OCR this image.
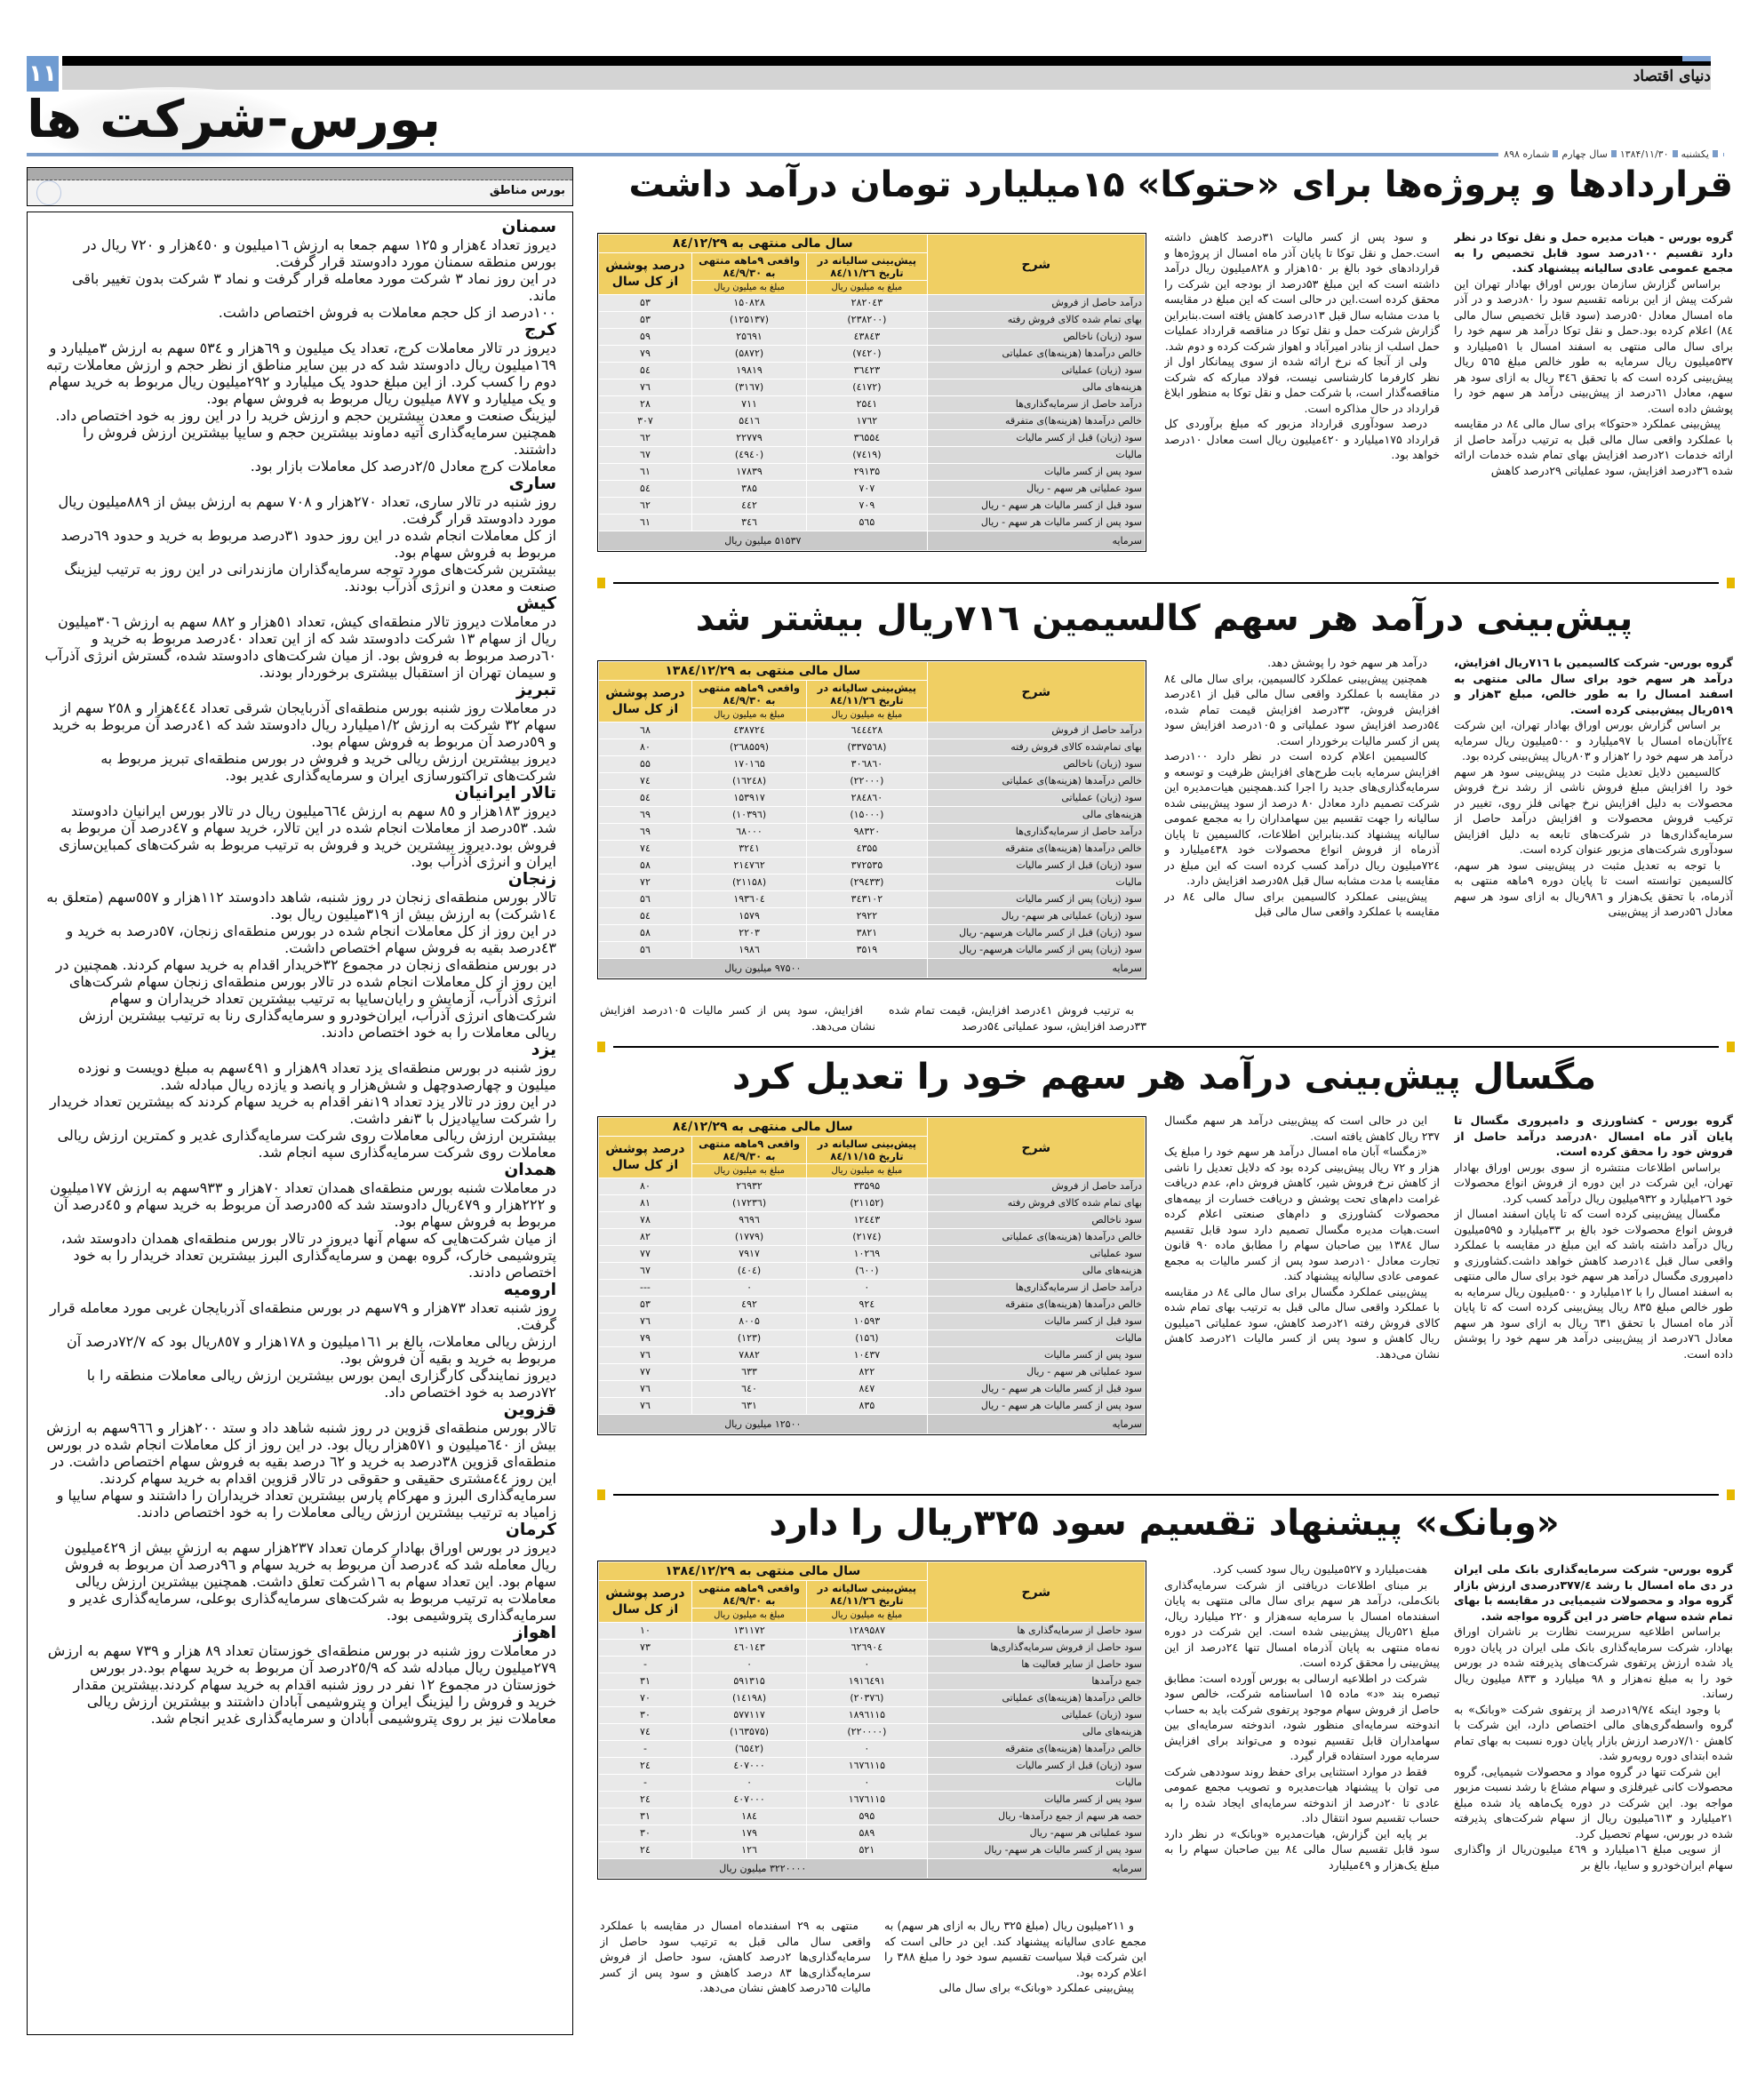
۱۱	دنیای اقتصاد
بورس-شرکت ها
یکشنبه
۱۳۸۴/۱۱/۳۰
سال چهارم
شماره ۸۹۸
بورس مناطق
سمنان

دیروز تعداد ٤هزار و ۱۲۵ سهم جمعا به ارزش ۱٦میلیون و ٤٥۰هزار و ۷۲۰ ریال در بورس منطقه سمنان مورد دادوستد قرار گرفت.

در این روز نماد ۳ شرکت مورد معامله قرار گرفت و نماد ۳ شرکت بدون تغییر باقی ماند.

۱۰۰درصد از کل حجم معاملات به فروش اختصاص داشت.

کرج

دیروز در تالار معاملات کرج، تعداد یک میلیون و ٦۹هزار و ٥۳٤ سهم به ارزش ۳میلیارد و ۱٦۹میلیون ریال دادوستد شد که در بین سایر مناطق از نظر حجم و ارزش معاملات رتبه دوم را کسب کرد. از این مبلغ حدود یک میلیارد و ۲۹۲میلیون ریال مربوط به خرید سهام و یک میلیارد و ۸۷۷ میلیون ریال مربوط به فروش سهام بود.

لیزینگ صنعت و معدن بیشترین حجم و ارزش خرید را در این روز به خود اختصاص داد. همچنین سرمایه‌گذاری آتیه دماوند بیشترین حجم و سایپا بیشترین ارزش فروش را داشتند.

معاملات کرج معادل ۲/٥درصد کل معاملات بازار بود.

ساری

روز شنبه در تالار ساری، تعداد ۲۷۰هزار و ۷۰۸ سهم به ارزش بیش از ۸۸۹میلیون ریال مورد دادوستد قرار گرفت.

از کل معاملات انجام شده در این روز حدود ۳۱درصد مربوط به خرید و حدود ٦۹درصد مربوط به فروش سهام بود.

بیشترین شرکت‌های مورد توجه سرمایه‌گذاران مازندرانی در این روز به ترتیب لیزینگ صنعت و معدن و انرژی آذرآب بودند.

کیش

در معاملات دیروز تالار منطقه‌ای کیش، تعداد ٥۱هزار و ۸۸۲ سهم به ارزش ۳۰٦میلیون ریال از سهام ۱۳ شرکت دادوستد شد که از این تعداد ٤۰درصد مربوط به خرید و ٦۰درصد مربوط به فروش بود. از میان شرکت‌های دادوستد شده، گسترش انرژی آذرآب و سیمان تهران از استقبال بیشتری برخوردار بودند.

تبریز

در معاملات روز شنبه بورس منطقه‌ای آذربایجان شرقی تعداد ٤٤٤هزار و ۲٥۸ سهم از سهام ۳۲ شرکت به ارزش ۱/۲میلیارد ریال دادوستد شد که ٤۱درصد آن مربوط به خرید و ٥۹درصد آن مربوط به فروش سهام بود.

دیروز بیشترین ارزش ریالی خرید و فروش در بورس منطقه‌ای تبریز مربوط به شرکت‌های تراکتورسازی ایران و سرمایه‌گذاری غدیر بود.

تالار ایرانیان

دیروز ۱۸۳هزار و ۸٥ سهم به ارزش ٦٦٤میلیون ریال در تالار بورس ایرانیان دادوستد شد. ٥۳درصد از معاملات انجام شده در این تالار، خرید سهام و ٤۷درصد آن مربوط به فروش بود.دیروز بیشترین خرید و فروش به ترتیب مربوط به شرکت‌های کمباین‌سازی ایران و انرژی آذرآب بود.

زنجان

تالار بورس منطقه‌ای زنجان در روز شنبه، شاهد دادوستد ۱۱۲هزار و ٥٥۷سهم (متعلق به ۱٤شرکت) به ارزش بیش از ۳۱۹میلیون ریال بود.

در این روز از کل معاملات انجام شده در بورس منطقه‌ای زنجان، ٥۷درصد به خرید و ٤۳درصد بقیه به فروش سهام اختصاص داشت.

در بورس منطقه‌ای زنجان در مجموع ۳۲خریدار اقدام به خرید سهام کردند. همچنین در این روز از کل معاملات انجام شده در تالار بورس منطقه‌ای زنجان سهام شرکت‌های انرژی آذرآب، آزمایش و رایان‌سایپا به ترتیب بیشترین تعداد خریداران و سهام شرکت‌های انرژی آذرآب، ایران‌خودرو و سرمایه‌گذاری رنا به ترتیب بیشترین ارزش ریالی معاملات را به خود اختصاص دادند.

یزد

روز شنبه در بورس منطقه‌ای یزد تعداد ۸۹هزار و ٤۹۱سهم به مبلغ دویست و نوزده میلیون و چهارصدوچهل و شش‌هزار و پانصد و یازده ریال مبادله شد.

در این روز در تالار یزد تعداد ۱۹نفر اقدام به خرید سهام کردند که بیشترین تعداد خریدار را شرکت سایپادیزل با ۳نفر داشت.

بیشترین ارزش ریالی معاملات روی شرکت سرمایه‌گذاری غدیر و کمترین ارزش ریالی معاملات روی شرکت سرمایه‌گذاری سپه انجام شد.

همدان

در معاملات شنبه بورس منطقه‌ای همدان تعداد ۷۰هزار و ۹۳۳سهم به ارزش ۱۷۷میلیون و ۲۲۲هزار و ٤۷۹ریال دادوستد شد که ٥٥درصد آن مربوط به خرید سهام و ٤٥درصد آن مربوط به فروش سهام بود.

از میان شرکت‌هایی که سهام آنها دیروز در تالار بورس منطقه‌ای همدان دادوستد شد، پتروشیمی خارک، گروه بهمن و سرمایه‌گذاری البرز بیشترین تعداد خریدار را به خود اختصاص دادند.

ارومیه

روز شنبه تعداد ۷۳هزار و ۷۹سهم در بورس منطقه‌ای آذربایجان غربی مورد معامله قرار گرفت.

ارزش ریالی معاملات، بالغ بر ۱٦۱میلیون و ۱۷۸هزار و ۸٥۷ریال بود که ۷۲/۷درصد آن مربوط به خرید و بقیه آن فروش بود.

دیروز نمایندگی کارگزاری ایمن بورس بیشترین ارزش ریالی معاملات منطقه را با ۷۲درصد به خود اختصاص داد.

قزوین

تالار بورس منطقه‌ای قزوین در روز شنبه شاهد داد و ستد ۲۰۰هزار و ۹٦٦سهم به ارزش بیش از ٦٤۰میلیون و ٥۷۱هزار ریال بود. در این روز از کل معاملات انجام شده در بورس منطقه‌ای قزوین ۳۸درصد به خرید و ٦۲ درصد بقیه به فروش سهام اختصاص داشت. در این روز ٤٤مشتری حقیقی و حقوقی در تالار قزوین اقدام به خرید سهام کردند. سرمایه‌گذاری البرز و مهرکام پارس بیشترین تعداد خریداران را داشتند و سهام سایپا و زامیاد به ترتیب بیشترین ارزش ریالی معاملات را به خود اختصاص دادند.

کرمان

دیروز در بورس اوراق بهادار کرمان تعداد ۲۳۷هزار سهم به ارزش بیش از ٤۲۹میلیون ریال معامله شد که ٤درصد آن مربوط به خرید سهام و ۹٦درصد آن مربوط به فروش سهام بود. این تعداد سهام به ۱٦شرکت تعلق داشت. همچنین بیشترین ارزش ریالی معاملات به ترتیب مربوط به شرکت‌های سرمایه‌گذاری بوعلی، سرمایه‌گذاری غدیر و سرمایه‌گذاری پتروشیمی بود.

اهواز

در معاملات روز شنبه در بورس منطقه‌ای خوزستان تعداد ۸۹ هزار و ۷۳۹ سهم به ارزش ۲۷۹میلیون ریال مبادله شد که ۲٥/۹درصد آن مربوط به خرید سهام بود.در بورس خوزستان در مجموع ۱۲ نفر در روز شنبه اقدام به خرید سهام کردند.بیشترین مقدار خرید و فروش را لیزینگ ایران و پتروشیمی آبادان داشتند و بیشترین ارزش ریالی معاملات نیز بر روی پتروشیمی آبادان و سرمایه‌گذاری غدیر انجام شد.

قراردادها و پروژه‌ها برای «حتوکا» ۱۵میلیارد تومان درآمد داشت
شرح	سال مالی منتهی به ۸٤/۱۲/۲۹		
	پیش‌بینی سالیانه در تاریخ ۸٤/۱۱/۲٦	واقعی ۹ماهه منتهی به ۸٤/۹/۳۰	درصد پوشش از کل سال
	مبلغ به میلیون ریال	مبلغ به میلیون ریال	
درآمد حاصل از فروش	۲۸۲۰٤۳	۱۵۰۸۲۸	۵۳
بهای تمام شده کالای فروش رفته	(۲۳۸۲۰۰)	(۱۲۵۱۳۷)	۵۳
سود (زیان) ناخالص	٤۳۸٤۳	۲۵٦۹۱	۵۹
خالص درآمدها (هزینه‌ها)ی عملیاتی	(۷٤۲۰)	(۵۸۷۲)	۷۹
سود (زیان) عملیاتی	۳٦٤۲۳	۱۹۸۱۹	۵٤
هزینه‌های مالی	(٤۱۷۲)	(۳۱٦۷)	۷٦
درآمد حاصل از سرمایه‌گذاری‌ها	۲۵٤۱	۷۱۱	۲۸
خالص درآمدها (هزینه‌ها)ی متفرقه	۱۷٦۲	۵٤۱٦	۳۰۷
سود (زیان) قبل از کسر مالیات	۳٦۵۵٤	۲۲۷۷۹	٦۲
مالیات	(۷٤۱۹)	(٤۹٤۰)	٦۷
سود پس از کسر مالیات	۲۹۱۳۵	۱۷۸۳۹	٦۱
سود عملیاتی هر سهم - ریال	۷۰۷	۳۸۵	۵٤
سود قبل از کسر مالیات هر سهم - ریال	۷۰۹	٤٤۲	٦۲
سود پس از کسر مالیات هر سهم - ریال	۵٦۵	۳٤٦	٦۱
سرمایه	۵۱۵۳۷ میلیون ریال		

گروه بورس - هیات مدیره حمل و نقل توکا در نظر دارد تقسیم ۱۰۰درصد سود قابل تخصیص را به مجمع عمومی عادی سالیانه پیشنهاد کند.

براساس گزارش سازمان بورس اوراق بهادار تهران این شرکت پیش از این برنامه تقسیم سود را ۸۰درصد و در آذر ماه امسال معادل ۵۰درصد (سود قابل تخصیص سال مالی ۸٤) اعلام کرده بود.حمل و نقل توکا درآمد هر سهم خود را برای سال مالی منتهی به اسفند امسال با ۵۱میلیارد و ۵۳۷میلیون ریال سرمایه به طور خالص مبلغ ۵٦۵ ریال پیش‌بینی کرده است که با تحقق ۳٤٦ ریال به ازای سود هر سهم، معادل ٦۱درصد از پیش‌بینی درآمد هر سهم خود را پوشش داده است.

پیش‌بینی عملکرد «حتوکا» برای سال مالی ۸٤ در مقایسه با عملکرد واقعی سال مالی قبل به ترتیب درآمد حاصل از ارائه خدمات ۲۱درصد افزایش بهای تمام شده خدمات ارائه شده ۳٦درصد افزایش، سود عملیاتی ۲۹درصد کاهش

و سود پس از کسر مالیات ۳۱درصد کاهش داشته است.حمل و نقل توکا تا پایان آذر ماه امسال از پروژه‌ها و قراردادهای خود بالغ بر ۱۵۰هزار و ۸۲۸میلیون ریال درآمد داشته است که این مبلغ ۵۳درصد از بودجه این شرکت را محقق کرده است.این در حالی است که این مبلغ در مقایسه با مدت مشابه سال قبل ۱۳درصد کاهش یافته است.بنابراین گزارش شرکت حمل و نقل توکا در مناقصه قرارداد عملیات حمل اسلب از بنادر امیرآباد و اهواز شرکت کرده و دوم شد.

ولی از آنجا که نرخ ارائه شده از سوی پیمانکار اول از نظر کارفرما کارشناسی نیست، فولاد مبارکه که شرکت مناقصه‌گذار است، با شرکت حمل و نقل توکا به منظور ابلاغ قرارداد در حال مذاکره است.

درصد سودآوری قرارداد مزبور که مبلغ برآوردی کل قرارداد ۱۷۵میلیارد و ٤۲۰میلیون ریال است معادل ۱۰درصد خواهد بود.

پیش‌بینی درآمد هر سهم کالسیمین ۷۱٦ریال بیشتر شد
شرح	سال مالی منتهی به ۱۳۸٤/۱۲/۲۹		
	پیش‌بینی سالیانه در تاریخ ۸٤/۱۱/۲٦	واقعی ۹ماهه منتهی به ۸٤/۹/۳۰	درصد پوشش از کل سال
	مبلغ به میلیون ریال	مبلغ به میلیون ریال	
درآمد حاصل از فروش	٦٤٤٤۲۸	٤۳۸۷۲٤	٦۸
بهای تمام‌شده کالای فروش رفته	(۳۳۷۵٦۸)	(۲٦۸۵۵۹)	۸۰
سود (زیان) ناخالص	۳۰٦۸٦۰	۱۷۰۱٦۵	۵۵
خالص درآمدها (هزینه‌ها)ی عملیاتی	(۲۲۰۰۰)	(۱٦۲٤۸)	۷٤
سود (زیان) عملیاتی	۲۸٤۸٦۰	۱۵۳۹۱۷	۵٤
هزینه‌های مالی	(۱۵۰۰۰)	(۱۰۳۹٦)	٦۹
درآمد حاصل از سرمایه‌گذاری‌ها	۹۸۳۲۰	٦۸۰۰۰	٦۹
خالص درآمدها (هزینه‌ها)ی متفرقه	٤۳۵۵	۳۲٤۱	۷٤
سود (زیان) قبل از کسر مالیات	۳۷۲۵۳۵	۲۱٤۷٦۲	۵۸
مالیات	(۲۹٤۳۳)	(۲۱۱۵۸)	۷۲
سود (زیان) پس از کسر مالیات	۳٤۳۱۰۲	۱۹۳٦۰٤	۵٦
سود (زیان) عملیاتی هر سهم- ریال	۲۹۲۲	۱۵۷۹	۵٤
سود (زیان) قبل از کسر مالیات هرسهم- ریال	۳۸۲۱	۲۲۰۳	۵۸
سود (زیان) پس از کسر مالیات هرسهم- ریال	۳۵۱۹	۱۹۸٦	۵٦
سرمایه	۹۷۵۰۰ میلیون ریال		

گروه بورس- شرکت کالسیمین با ۷۱٦ریال افزایش، درآمد هر سهم خود برای سال مالی منتهی به اسفند امسال را به طور خالص، مبلغ ۳هزار و ۵۱۹ریال پیش‌بینی کرده است.

بر اساس گزارش بورس اوراق بهادار تهران، این شرکت ۲٤آبان‌ماه امسال با ۹۷میلیارد و ۵۰۰میلیون ریال سرمایه درآمد هر سهم خود را ۲هزار و ۸۰۳ریال پیش‌بینی کرده بود.

کالسیمین دلایل تعدیل مثبت در پیش‌بینی سود هر سهم خود را افزایش مبلغ فروش ناشی از رشد نرخ فروش محصولات به دلیل افزایش نرخ جهانی فلز روی، تغییر در ترکیب فروش محصولات و افزایش درآمد حاصل از سرمایه‌گذاری‌ها در شرکت‌های تابعه به دلیل افزایش سودآوری شرکت‌های مزبور عنوان کرده است.

با توجه به تعدیل مثبت در پیش‌بینی سود هر سهم، کالسیمین توانسته است تا پایان دوره ۹ماهه منتهی به آذرماه، با تحقق یک‌هزار و ۹۸٦ریال به ازای سود هر سهم معادل ۵٦درصد از پیش‌بینی

درآمد هر سهم خود را پوشش دهد.

همچنین پیش‌بینی عملکرد کالسیمین، برای سال مالی ۸٤ در مقایسه با عملکرد واقعی سال مالی قبل از ٤۱درصد افزایش فروش، ۳۳درصد افزایش قیمت تمام شده، ۵٤درصد افزایش سود عملیاتی و ۱۰۵درصد افزایش سود پس از کسر مالیات برخوردار است.

کالسیمین اعلام کرده است در نظر دارد ۱۰۰درصد افزایش سرمایه بابت طرح‌های افزایش ظرفیت و توسعه و سرمایه‌گذاری‌های جدید را اجرا کند.همچنین هیات‌مدیره این شرکت تصمیم دارد معادل ۸۰ درصد از سود پیش‌بینی شده سالیانه را جهت تقسیم بین سهامداران را به مجمع عمومی سالیانه پیشنهاد کند.بنابراین اطلاعات، کالسیمین تا پایان آذرماه از فروش انواع محصولات خود ٤۳۸میلیارد و ۷۲٤میلیون ریال درآمد کسب کرده است که این مبلغ در مقایسه با مدت مشابه سال قبل ۵۸درصد افزایش دارد.

پیش‌بینی عملکرد کالسیمین برای سال مالی ۸٤ در مقایسه با عملکرد واقعی سال مالی قبل

به ترتیب فروش ٤۱درصد افزایش، قیمت تمام شده ۳۳درصد افزایش، سود عملیاتی ۵٤درصد

افزایش، سود پس از کسر مالیات ۱۰۵درصد افزایش نشان می‌دهد.

مگسال پیش‌بینی درآمد هر سهم خود را تعدیل کرد
شرح	سال مالی منتهی به ۸٤/۱۲/۲۹		
	پیش‌بینی سالیانه در تاریخ ۸٤/۱۱/۱۵	واقعی ۹ماهه منتهی به ۸٤/۹/۳۰	درصد پوشش از کل سال
	مبلغ به میلیون ریال	مبلغ به میلیون ریال	
درآمد حاصل از فروش	۳۳۵۹۵	۲٦۹۳۲	۸۰
بهای تمام شده کالای فروش رفته	(۲۱۱۵۲)	(۱۷۲۳٦)	۸۱
سود ناخالص	۱۲٤٤۳	۹٦۹٦	۷۸
خالص درآمدها (هزینه‌ها)ی عملیاتی	(۲۱۷٤)	(۱۷۷۹)	۸۲
سود عملیاتی	۱۰۲٦۹	۷۹۱۷	۷۷
هزینه‌های مالی	(٦۰۰)	(٤۰٤)	٦۷
درآمد حاصل از سرمایه‌گذاری‌ها	۰	۰	---
خالص درآمدها (هزینه‌ها)ی متفرقه	۹۲٤	٤۹۲	۵۳
سود قبل از کسر مالیات	۱۰۵۹۳	۸۰۰۵	۷٦
مالیات	(۱۵٦)	(۱۲۳)	۷۹
سود پس از کسر مالیات	۱۰٤۳۷	۷۸۸۲	۷٦
سود عملیاتی هر سهم - ریال	۸۲۲	٦۳۳	۷۷
سود قبل از کسر مالیات هر سهم - ریال	۸٤۷	٦٤۰	۷٦
سود پس از کسر مالیات هر سهم - ریال	۸۳۵	٦۳۱	۷٦
سرمایه	۱۲۵۰۰ میلیون ریال		

گروه بورس - کشاورزی و دامپروری مگسال تا پایان آذر ماه امسال ۸۰درصد درآمد حاصل از فروش خود را محقق کرده است.

براساس اطلاعات منتشره از سوی بورس اوراق بهادار تهران، این شرکت در این دوره از فروش انواع محصولات خود ۲٦میلیارد و ۹۳۲میلیون ریال درآمد کسب کرد.

مگسال پیش‌بینی کرده است که تا پایان اسفند امسال از فروش انواع محصولات خود بالغ بر ۳۳میلیارد و ۵۹۵میلیون ریال درآمد داشته باشد که این مبلغ در مقایسه با عملکرد واقعی سال قبل ۱٤درصد کاهش خواهد داشت.کشاورزی و دامپروری مگسال درآمد هر سهم خود برای سال مالی منتهی به اسفند امسال را با ۱۲میلیارد و ۵۰۰میلیون ریال سرمایه به طور خالص مبلغ ۸۳۵ ریال پیش‌بینی کرده است که تا پایان آذر ماه امسال با تحقق ٦۳۱ ریال به ازای سود هر سهم معادل ۷٦درصد از پیش‌بینی درآمد هر سهم خود را پوشش داده است.

این در حالی است که پیش‌بینی درآمد هر سهم مگسال ۲۳۷ ریال کاهش یافته است.

«زمگسا» آبان ماه امسال درآمد هر سهم خود را مبلغ یک هزار و ۷۲ ریال پیش‌بینی کرده بود که دلایل تعدیل را ناشی از کاهش نرخ فروش شیر، کاهش فروش دام، عدم دریافت غرامت دام‌های تحت پوشش و دریافت خسارت از بیمه‌های محصولات کشاورزی و دام‌های صنعتی اعلام کرده است.هیات مدیره مگسال تصمیم دارد سود قابل تقسیم سال ۱۳۸٤ بین صاحبان سهام را مطابق ماده ۹۰ قانون تجارت معادل ۱۰درصد سود پس از کسر مالیات به مجمع عمومی عادی سالیانه پیشنهاد کند.

پیش‌بینی عملکرد مگسال برای سال مالی ۸٤ در مقایسه با عملکرد واقعی سال مالی قبل به ترتیب بهای تمام شده کالای فروش رفته ۲۱درصد کاهش، سود عملیاتی ٦میلیون ریال کاهش و سود پس از کسر مالیات ۲۱درصد کاهش نشان می‌دهد.

«وبانک» پیشنهاد تقسیم سود ۳۲۵ریال را دارد
شرح	سال مالی منتهی به ۱۳۸٤/۱۲/۲۹		
	پیش‌بینی سالیانه در تاریخ ۸٤/۱۱/۲٦	واقعی ۹ماهه منتهی به ۸٤/۹/۳۰	درصد پوشش از کل سال
	مبلغ به میلیون ریال	مبلغ به میلیون ریال	
سود حاصل از سرمایه‌گذاری ها	۱۲۸۹۵۸۷	۱۳۱۱۷۲	۱۰
سود حاصل از فروش سرمایه‌گذاری‌ها	٦۲٦۹۰٤	٤٦۰۱٤۳	۷۳
سود حاصل از سایر فعالیت ها	۰	۰	-
جمع درآمدها	۱۹۱٦٤۹۱	۵۹۱۳۱۵	۳۱
خالص درآمدها (هزینه‌ها)ی عملیاتی	(۲۰۳۷٦)	(۱٤۱۹۸)	۷۰
سود (زیان) عملیاتی	۱۸۹٦۱۱۵	۵۷۷۱۱۷	۳۰
هزینه‌های مالی	(۲۲۰۰۰۰)	(۱٦۳۵۷۵)	۷٤
خالص درآمدها (هزینه‌ها)ی متفرقه	۰	(٦۵٤۲)	-
سود (زیان) قبل از کسر مالیات	۱٦۷٦۱۱۵	٤۰۷۰۰۰	۲٤
مالیات	۰	۰	-
سود پس از کسر مالیات	۱٦۷٦۱۱۵	٤۰۷۰۰۰	۲٤
حصه هر سهم از جمع درآمدها- ریال	۵۹۵	۱۸٤	۳۱
سود عملیاتی هر سهم- ریال	۵۸۹	۱۷۹	۳۰
سود پس از کسر مالیات هر سهم- ریال	۵۲۱	۱۲٦	۲٤
سرمایه	۳۲۲۰۰۰۰ میلیون ریال		

گروه بورس- شرکت سرمایه‌گذاری بانک ملی ایران در دی ماه امسال با رشد ۳۷۷/٤درصدی ارزش بازار گروه مواد و محصولات شیمیایی در مقایسه با بهای تمام شده سهام حاضر در این گروه مواجه شد.

براساس اطلاعیه سرپرست نظارت بر ناشران اوراق بهادار، شرکت سرمایه‌گذاری بانک ملی ایران در پایان دوره یاد شده ارزش پرتفوی شرکت‌های پذیرفته شده در بورس خود را به مبلغ نه‌هزار و ۹۸ میلیارد و ۸۳۳ میلیون ریال رساند.

با وجود اینکه ۱۹/۷٤درصد از پرتفوی شرکت «وبانک» به گروه واسطه‌گری‌های مالی اختصاص دارد، این شرکت با کاهش ۷/۱۰درصد ارزش بازار پایان دوره نسبت به بهای تمام شده ابتدای دوره روبه‌رو شد.

این شرکت تنها در گروه مواد و محصولات شیمیایی، گروه محصولات کانی غیرفلزی و سهام مشاع با رشد نسبت مزبور مواجه بود. این شرکت در دوره یک‌ماهه یاد شده مبلغ ۲۱میلیارد و ٦۱۳میلیون ریال از سهام شرکت‌های پذیرفته شده در بورس، سهام تحصیل کرد.

از سویی مبلغ ۱٦میلیارد و ٤٦۹ میلیون‌ریال از واگذاری سهام ایران‌خودرو و سایپا، بالغ بر

هفت‌میلیارد و ۵۲۷میلیون ریال سود کسب کرد.

بر مبنای اطلاعات دریافتی از شرکت سرمایه‌گذاری بانک‌ملی، درآمد هر سهم برای سال مالی منتهی به پایان اسفندماه امسال با سرمایه سه‌هزار و ۲۲۰ میلیارد ریال، مبلغ ۵۲۱ریال پیش‌بینی شده است. این شرکت در دوره نه‌ماه منتهی به پایان آذرماه امسال تنها ۲٤درصد از این پیش‌بینی را محقق کرده است.

شرکت در اطلاعیه ارسالی به بورس آورده است: مطابق تبصره بند «د» ماده ۱۵ اساسنامه شرکت، خالص سود حاصل از فروش سهام موجود پرتفوی شرکت باید به حساب اندوخته سرمایه‌ای منظور شود، اندوخته سرمایه‌ای بین سهامداران قابل تقسیم نبوده و می‌تواند برای افزایش سرمایه مورد استفاده قرار گیرد.

فقط در موارد استثنایی برای حفظ روند سوددهی شرکت می توان با پیشنهاد هیات‌مدیره و تصویب مجمع عمومی عادی تا ۲۰درصد از اندوخته سرمایه‌ای ایجاد شده را به حساب تقسیم سود انتقال داد.

بر پایه این گزارش، هیات‌مدیره «وبانک» در نظر دارد سود قابل تقسیم سال مالی ۸٤ بین صاحبان سهام را به مبلغ یک‌هزار و ٤۹میلیارد

و ۲۱۱میلیون ریال (مبلغ ۳۲۵ ریال به ازای هر سهم) به مجمع عادی سالیانه پیشنهاد کند. این در حالی است که این شرکت قبلا سیاست تقسیم سود خود را مبلغ ۳۸۸ را اعلام کرده بود.

پیش‌بینی عملکرد «وبانک» برای سال مالی

منتهی به ۲۹ اسفندماه امسال در مقایسه با عملکرد واقعی سال مالی قبل به ترتیب سود حاصل از سرمایه‌گذاری‌ها ۲درصد کاهش، سود حاصل از فروش سرمایه‌گذاری‌ها ۸۳ درصد کاهش و سود پس از کسر مالیات ٦۵درصد کاهش نشان می‌دهد.
